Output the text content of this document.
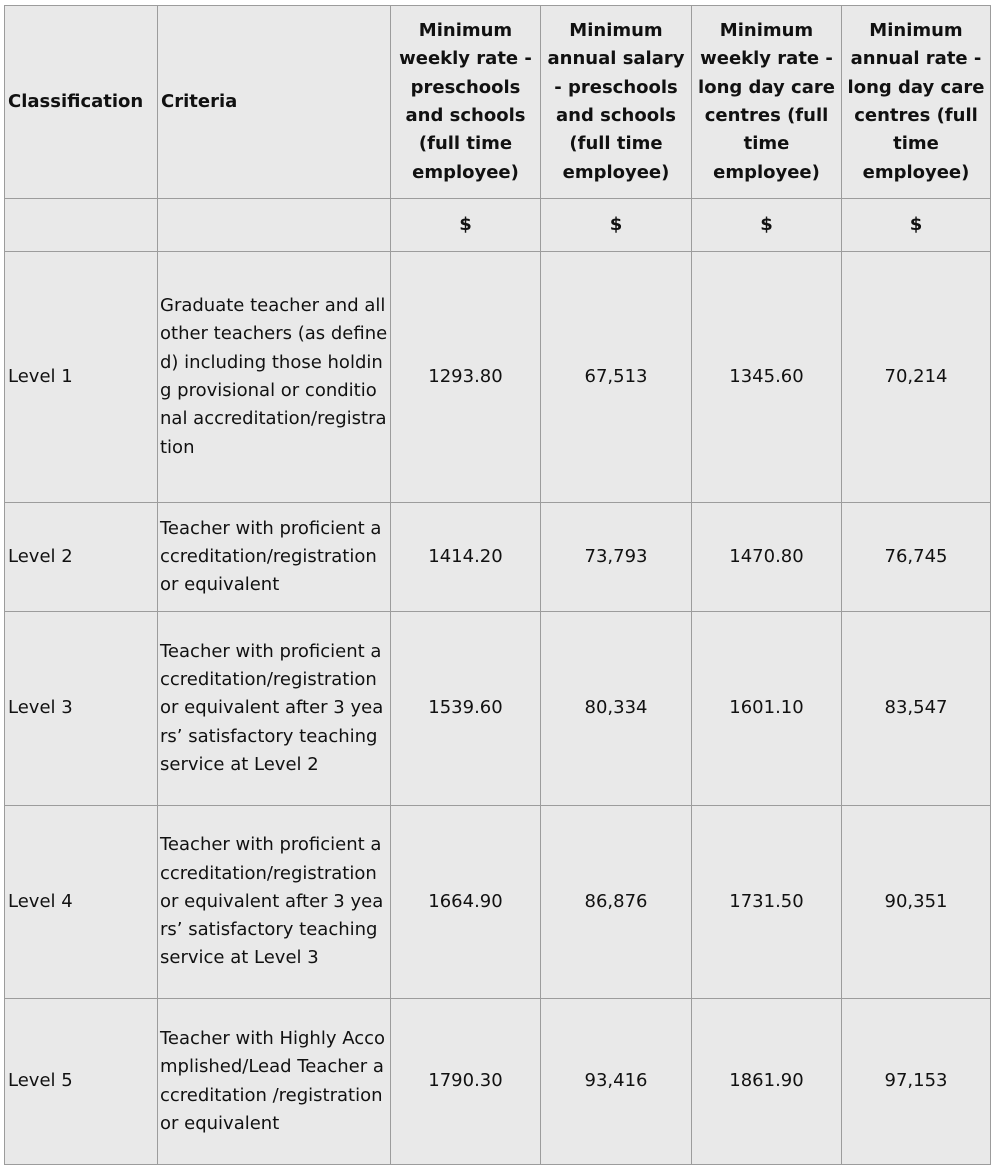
Classification	Criteria	Minimum weekly rate - preschools and schools (full time employee)	Minimum annual salary - preschools and schools (full time employee)	Minimum weekly rate - long day care centres (full time employee)	Minimum annual rate - long day care centres (full time employee)
		$	$	$	$
Level 1	Graduate teacher and all other teachers (as defined) including those holding provisional or conditional accreditation/registration	1293.80	67,513	1345.60	70,214
Level 2	Teacher with proficient accreditation/registration or equivalent	1414.20	73,793	1470.80	76,745
Level 3	Teacher with proficient accreditation/registration or equivalent after 3 years’ satisfactory teaching service at Level 2	1539.60	80,334	1601.10	83,547
Level 4	Teacher with proficient accreditation/registration or equivalent after 3 years’ satisfactory teaching service at Level 3	1664.90	86,876	1731.50	90,351
Level 5	Teacher with Highly Accomplished/Lead Teacher accreditation /registration or equivalent	1790.30	93,416	1861.90	97,153
